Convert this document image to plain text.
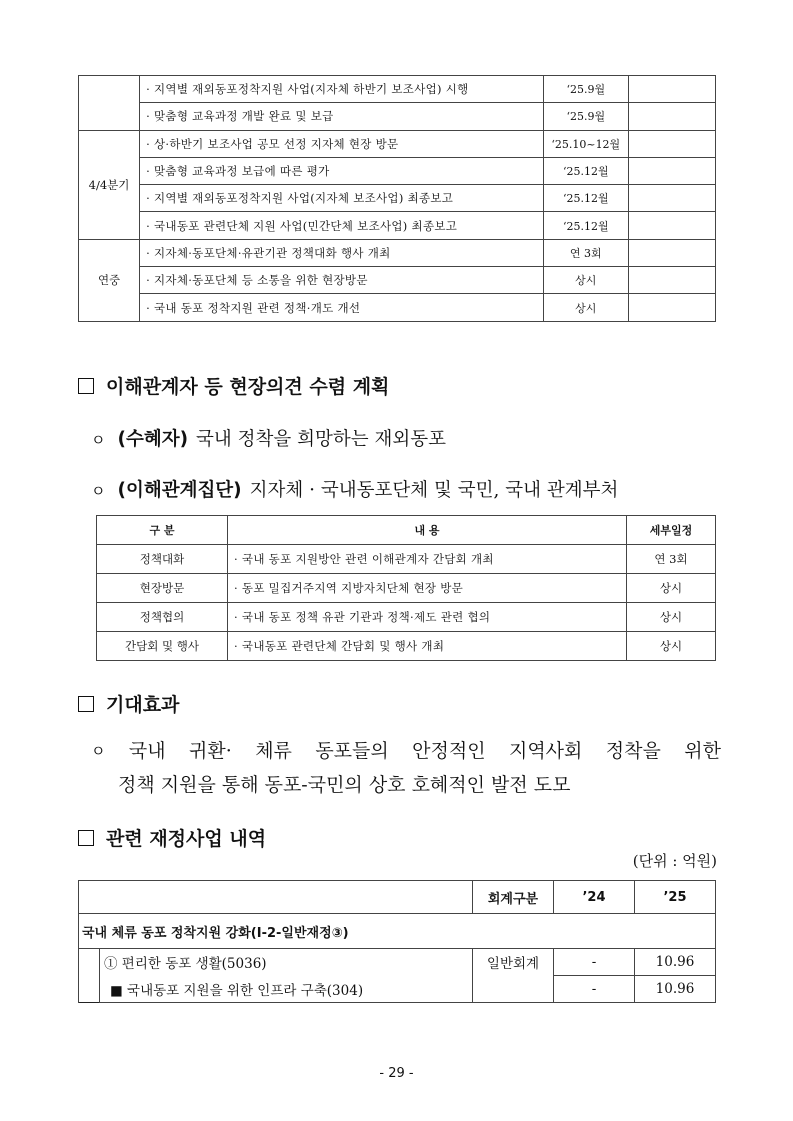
	· 지역별 재외동포정착지원 사업(지자체 하반기 보조사업) 시행	‘25.9월	
	· 맞춤형 교육과정 개발 완료 및 보급	‘25.9월	
4/4분기	· 상·하반기 보조사업 공모 선정 지자체 현장 방문	‘25.10~12월	
	· 맞춤형 교육과정 보급에 따른 평가	‘25.12월	
	· 지역별 재외동포정착지원 사업(지자체 보조사업) 최종보고	‘25.12월	
	· 국내동포 관련단체 지원 사업(민간단체 보조사업) 최종보고	‘25.12월	
연중	· 지자체·동포단체·유관기관 정책대화 행사 개최	연 3회	
	· 지자체·동포단체 등 소통을 위한 현장방문	상시	
	· 국내 동포 정착지원 관련 정책·개도 개선	상시	
이해관계자 등 현장의견 수렴 계획
ㅇ (수혜자) 국내 정착을 희망하는 재외동포
ㅇ (이해관계집단) 지자체 · 국내동포단체 및 국민, 국내 관계부처
구 분	내 용	세부일정
정책대화	· 국내 동포 지원방안 관련 이해관계자 간담회 개최	연 3회
현장방문	· 동포 밀집거주지역 지방자치단체 현장 방문	상시
정책협의	· 국내 동포 정책 유관 기관과 정책·제도 관련 협의	상시
간담회 및 행사	· 국내동포 관련단체 간담회 및 행사 개최	상시
기대효과
ㅇ 국내 귀환· 체류 동포들의 안정적인 지역사회 정착을 위한
정책 지원을 통해 동포-국민의 상호 호혜적인 발전 도모
관련 재정사업 내역
(단위 : 억원)
		회계구분	’24	’25
국내 체류 동포 정착지원 강화(Ⅰ-2-일반재정③)				
	① 편리한 동포 생활(5036)	일반회계	-	10.96
	■ 국내동포 지원을 위한 인프라 구축(304)		-	10.96
- 29 -
